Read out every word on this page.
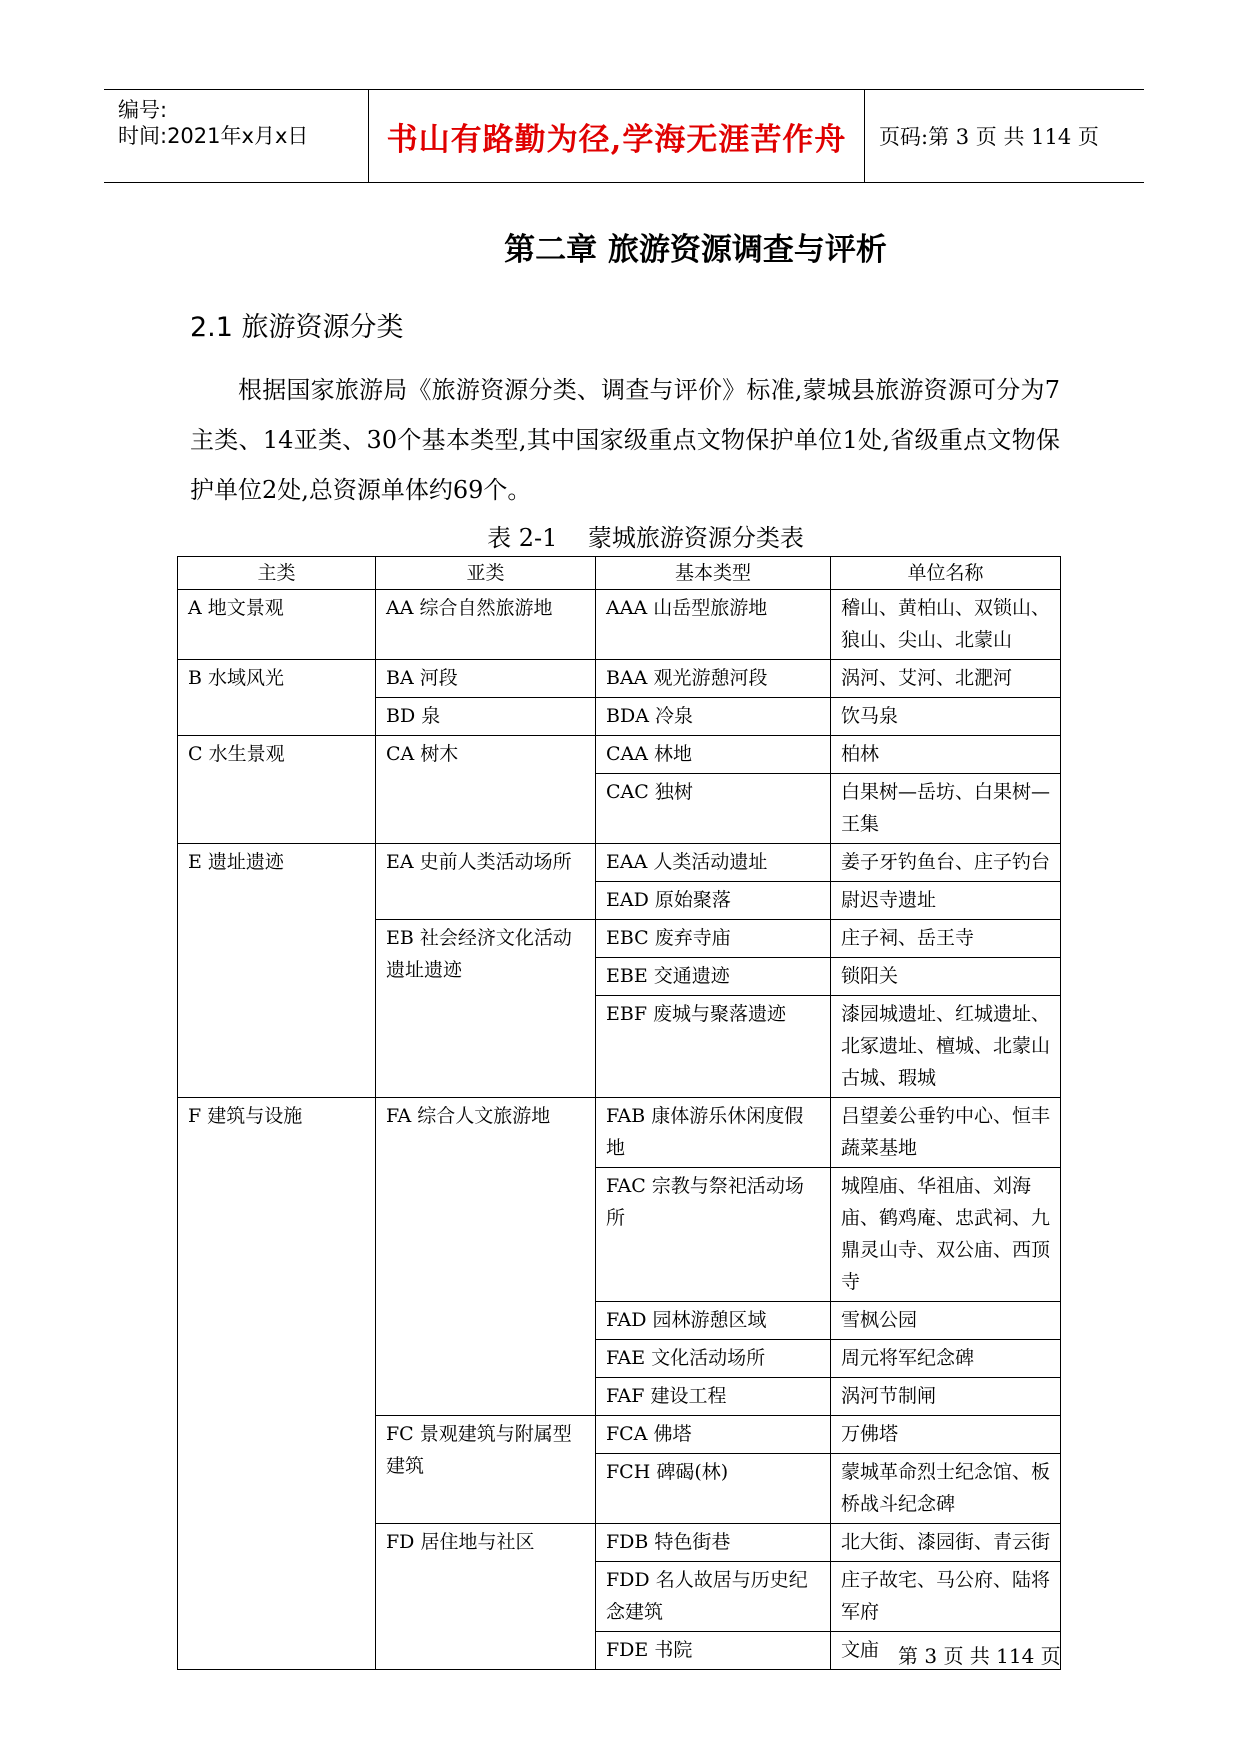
编号:
时间:2021年x月x日	书山有路勤为径,学海无涯苦作舟	页码:第 3 页 共 114 页
第二章 旅游资源调查与评析
2.1 旅游资源分类
根据国家旅游局《旅游资源分类、调查与评价》标准,蒙城县旅游资源可分为7主类、14亚类、30个基本类型,其中国家级重点文物保护单位1处,省级重点文物保护单位2处,总资源单体约69个。
表 2-1    蒙城旅游资源分类表
主类	亚类	基本类型	单位名称
A 地文景观	AA 综合自然旅游地	AAA 山岳型旅游地	稽山、黄柏山、双锁山、狼山、尖山、北蒙山
B 水域风光	BA 河段	BAA 观光游憩河段	涡河、艾河、北淝河
	BD 泉	BDA 冷泉	饮马泉
C 水生景观	CA 树木	CAA 林地	柏林
		CAC 独树	白果树—岳坊、白果树—王集
E 遗址遗迹	EA 史前人类活动场所	EAA 人类活动遗址	姜子牙钓鱼台、庄子钓台
		EAD 原始聚落	尉迟寺遗址
	EB 社会经济文化活动遗址遗迹	EBC 废弃寺庙	庄子祠、岳王寺
		EBE 交通遗迹	锁阳关
		EBF 废城与聚落遗迹	漆园城遗址、红城遗址、北冢遗址、檀城、北蒙山古城、瑕城
F 建筑与设施	FA 综合人文旅游地	FAB 康体游乐休闲度假地	吕望姜公垂钓中心、恒丰蔬菜基地
		FAC 宗教与祭祀活动场所	城隍庙、华祖庙、刘海庙、鹤鸡庵、忠武祠、九鼎灵山寺、双公庙、西顶寺
		FAD 园林游憩区域	雪枫公园
		FAE 文化活动场所	周元将军纪念碑
		FAF 建设工程	涡河节制闸
	FC 景观建筑与附属型建筑	FCA 佛塔	万佛塔
		FCH 碑碣(林)	蒙城革命烈士纪念馆、板桥战斗纪念碑
	FD 居住地与社区	FDB 特色街巷	北大街、漆园街、青云街
		FDD 名人故居与历史纪念建筑	庄子故宅、马公府、陆将军府
		FDE 书院	文庙 第 3 页 共 114 页
